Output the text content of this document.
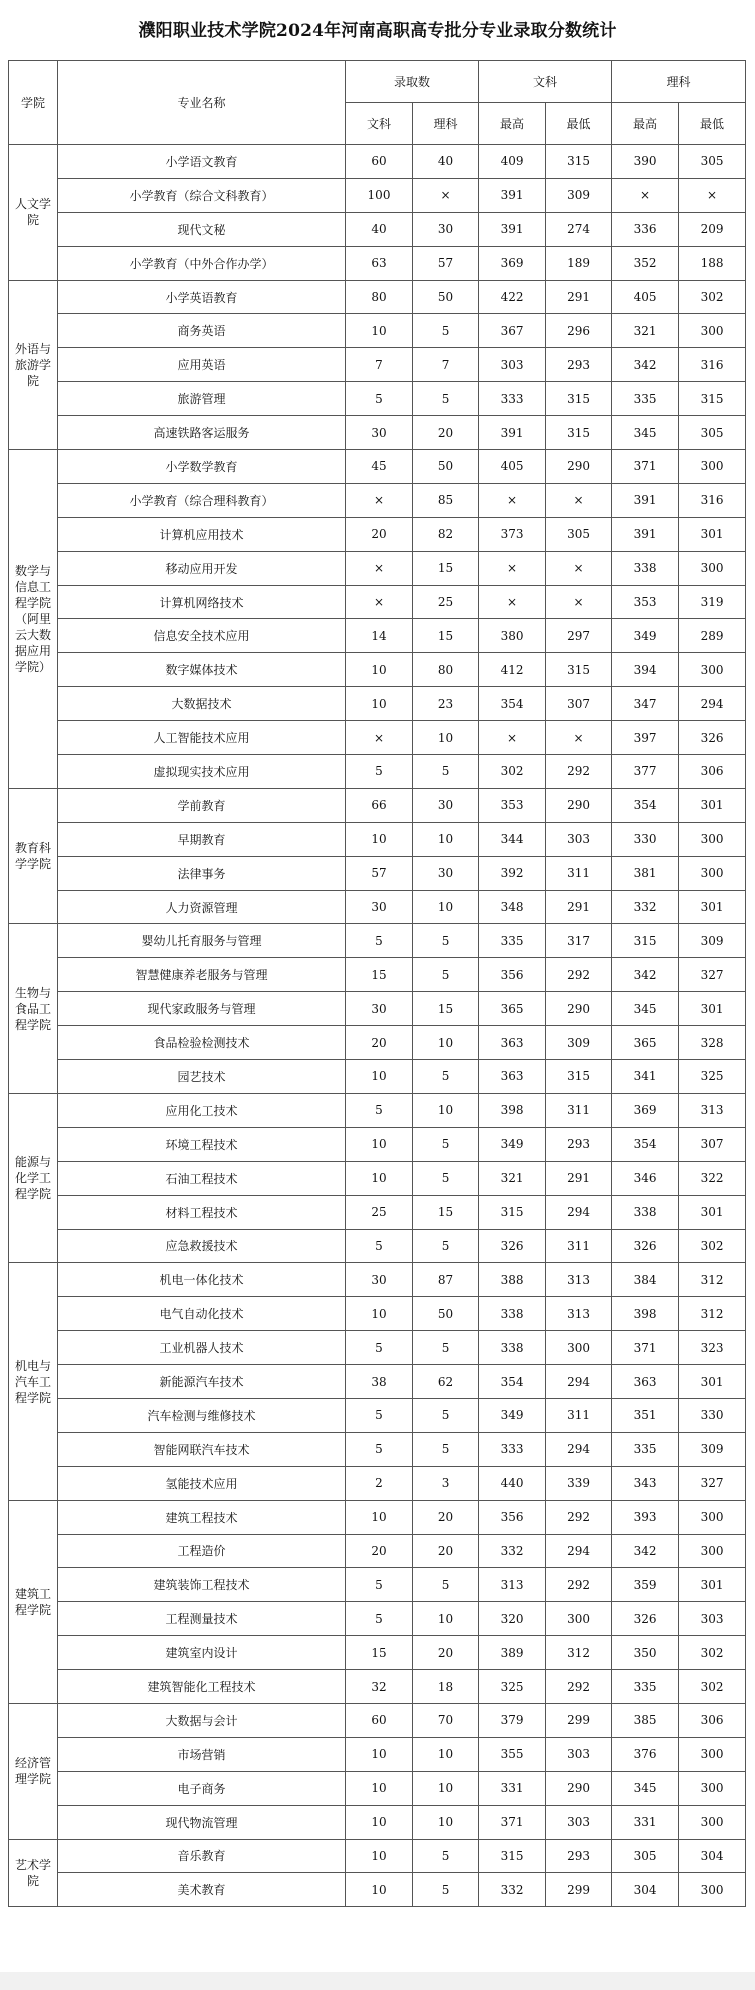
濮阳职业技术学院2024年河南高职高专批分专业录取分数统计
学院	专业名称	录取数		文科		理科	
		文科	理科	最高	最低	最高	最低
人文学院	小学语文教育	60	40	409	315	390	305
	小学教育（综合文科教育）	100	×	391	309	×	×
	现代文秘	40	30	391	274	336	209
	小学教育（中外合作办学）	63	57	369	189	352	188
外语与旅游学院	小学英语教育	80	50	422	291	405	302
	商务英语	10	5	367	296	321	300
	应用英语	7	7	303	293	342	316
	旅游管理	5	5	333	315	335	315
	高速铁路客运服务	30	20	391	315	345	305
数学与信息工程学院（阿里云大数据应用学院）	小学数学教育	45	50	405	290	371	300
	小学教育（综合理科教育）	×	85	×	×	391	316
	计算机应用技术	20	82	373	305	391	301
	移动应用开发	×	15	×	×	338	300
	计算机网络技术	×	25	×	×	353	319
	信息安全技术应用	14	15	380	297	349	289
	数字媒体技术	10	80	412	315	394	300
	大数据技术	10	23	354	307	347	294
	人工智能技术应用	×	10	×	×	397	326
	虚拟现实技术应用	5	5	302	292	377	306
教育科学学院	学前教育	66	30	353	290	354	301
	早期教育	10	10	344	303	330	300
	法律事务	57	30	392	311	381	300
	人力资源管理	30	10	348	291	332	301
生物与食品工程学院	婴幼儿托育服务与管理	5	5	335	317	315	309
	智慧健康养老服务与管理	15	5	356	292	342	327
	现代家政服务与管理	30	15	365	290	345	301
	食品检验检测技术	20	10	363	309	365	328
	园艺技术	10	5	363	315	341	325
能源与化学工程学院	应用化工技术	5	10	398	311	369	313
	环境工程技术	10	5	349	293	354	307
	石油工程技术	10	5	321	291	346	322
	材料工程技术	25	15	315	294	338	301
	应急救援技术	5	5	326	311	326	302
机电与汽车工程学院	机电一体化技术	30	87	388	313	384	312
	电气自动化技术	10	50	338	313	398	312
	工业机器人技术	5	5	338	300	371	323
	新能源汽车技术	38	62	354	294	363	301
	汽车检测与维修技术	5	5	349	311	351	330
	智能网联汽车技术	5	5	333	294	335	309
	氢能技术应用	2	3	440	339	343	327
建筑工程学院	建筑工程技术	10	20	356	292	393	300
	工程造价	20	20	332	294	342	300
	建筑装饰工程技术	5	5	313	292	359	301
	工程测量技术	5	10	320	300	326	303
	建筑室内设计	15	20	389	312	350	302
	建筑智能化工程技术	32	18	325	292	335	302
经济管理学院	大数据与会计	60	70	379	299	385	306
	市场营销	10	10	355	303	376	300
	电子商务	10	10	331	290	345	300
	现代物流管理	10	10	371	303	331	300
艺术学院	音乐教育	10	5	315	293	305	304
	美术教育	10	5	332	299	304	300
